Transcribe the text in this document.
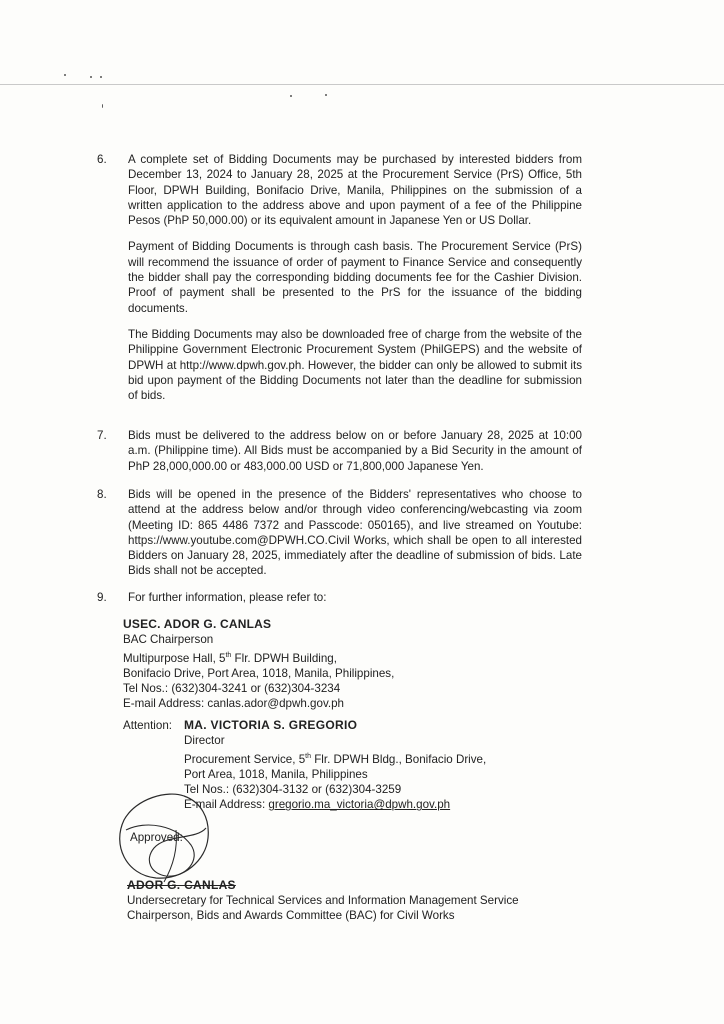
6. A complete set of Bidding Documents may be purchased by interested bidders from December 13, 2024 to January 28, 2025 at the Procurement Service (PrS) Office, 5th Floor, DPWH Building, Bonifacio Drive, Manila, Philippines on the submission of a written application to the address above and upon payment of a fee of the Philippine Pesos (PhP 50,000.00) or its equivalent amount in Japanese Yen or US Dollar.

Payment of Bidding Documents is through cash basis. The Procurement Service (PrS) will recommend the issuance of order of payment to Finance Service and consequently the bidder shall pay the corresponding bidding documents fee for the Cashier Division. Proof of payment shall be presented to the PrS for the issuance of the bidding documents.

The Bidding Documents may also be downloaded free of charge from the website of the Philippine Government Electronic Procurement System (PhilGEPS) and the website of DPWH at http://www.dpwh.gov.ph. However, the bidder can only be allowed to submit its bid upon payment of the Bidding Documents not later than the deadline for submission of bids.

7. Bids must be delivered to the address below on or before January 28, 2025 at 10:00 a.m. (Philippine time). All Bids must be accompanied by a Bid Security in the amount of PhP 28,000,000.00 or 483,000.00 USD or 71,800,000 Japanese Yen.

8. Bids will be opened in the presence of the Bidders' representatives who choose to attend at the address below and/or through video conferencing/webcasting via zoom (Meeting ID: 865 4486 7372 and Passcode: 050165), and live streamed on Youtube: https://www.youtube.com@DPWH.CO.Civil Works, which shall be open to all interested Bidders on January 28, 2025, immediately after the deadline of submission of bids. Late Bids shall not be accepted.

9. For further information, please refer to:

USEC. ADOR G. CANLAS
BAC Chairperson
Multipurpose Hall, 5th Flr. DPWH Building,
Bonifacio Drive, Port Area, 1018, Manila, Philippines,
Tel Nos.: (632)304-3241 or (632)304-3234
E-mail Address: canlas.ador@dpwh.gov.ph
Attention: MA. VICTORIA S. GREGORIO
Director
Procurement Service, 5th Flr. DPWH Bldg., Bonifacio Drive,
Port Area, 1018, Manila, Philippines
Tel Nos.: (632)304-3132 or (632)304-3259
E-mail Address: gregorio.ma_victoria@dpwh.gov.ph
Approved:
ADOR G. CANLAS
Undersecretary for Technical Services and Information Management Service
Chairperson, Bids and Awards Committee (BAC) for Civil Works
